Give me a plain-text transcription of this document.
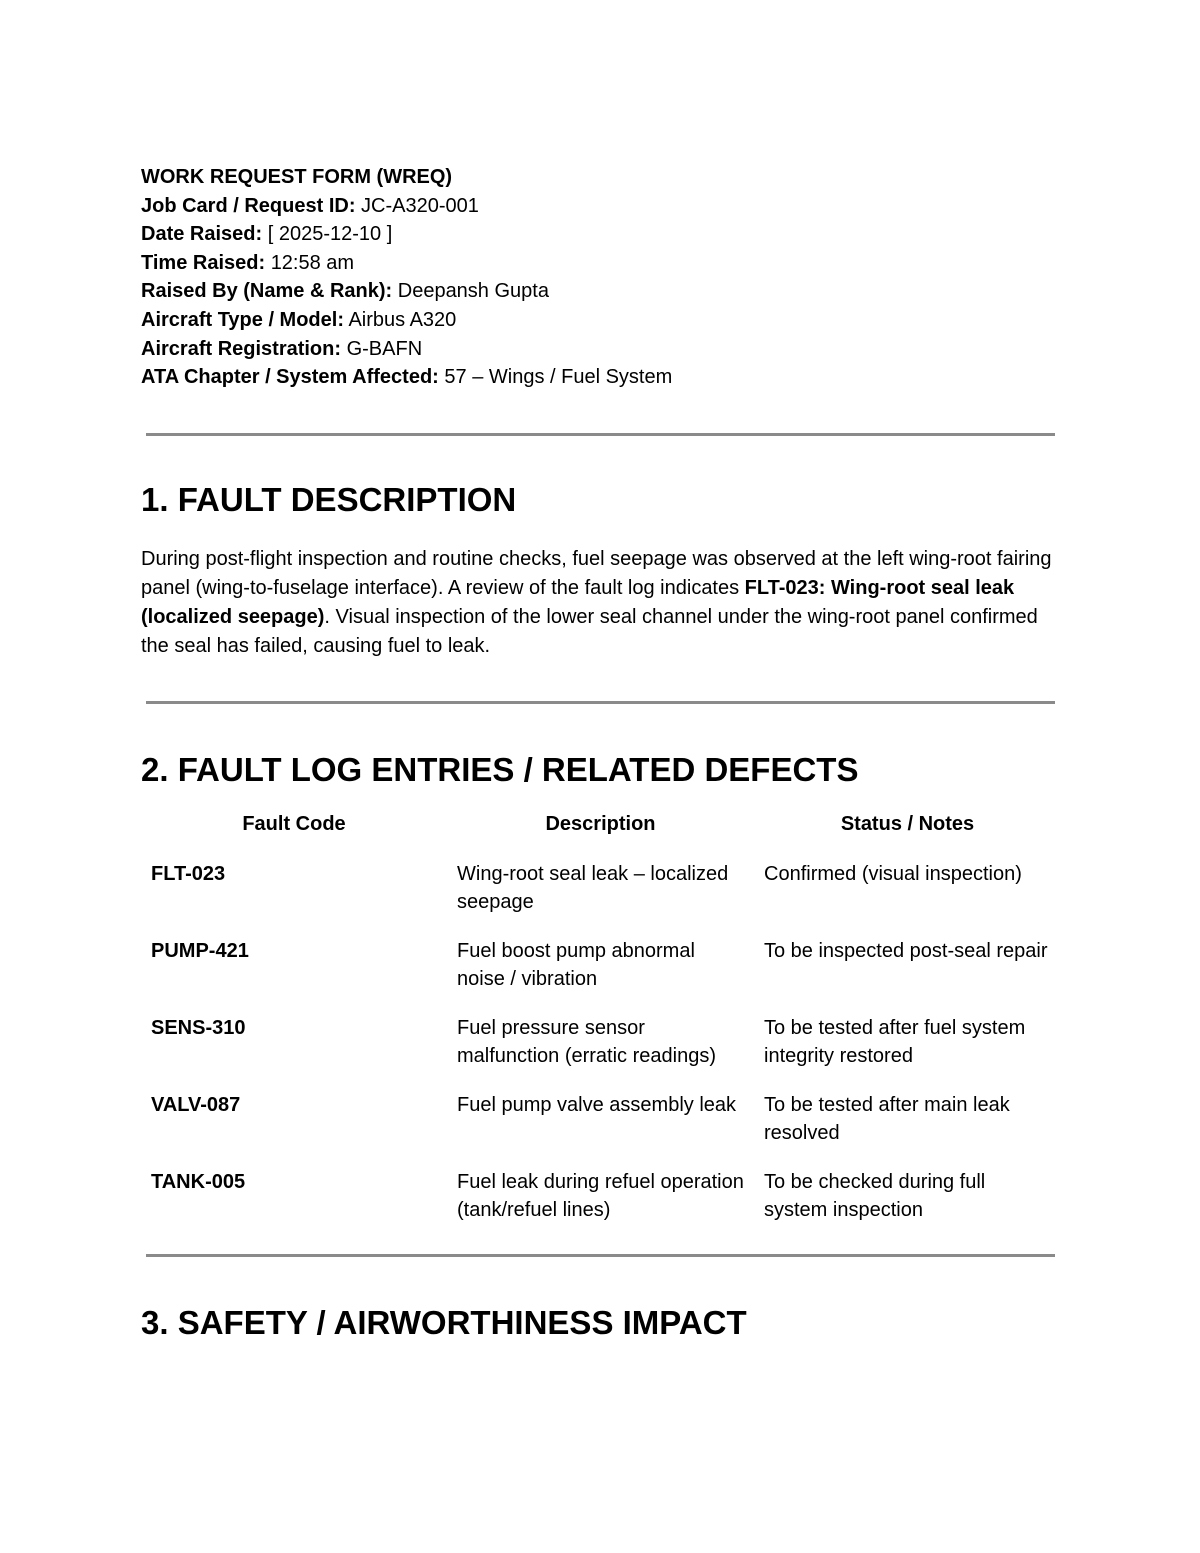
WORK REQUEST FORM (WREQ)
Job Card / Request ID: JC-A320-001
Date Raised: [ 2025-12-10 ]
Time Raised: 12:58 am
Raised By (Name & Rank): Deepansh Gupta
Aircraft Type / Model: Airbus A320
Aircraft Registration: G-BAFN
ATA Chapter / System Affected: 57 – Wings / Fuel System
1. FAULT DESCRIPTION
During post-flight inspection and routine checks, fuel seepage was observed at the left wing-root fairing panel (wing-to-fuselage interface). A review of the fault log indicates FLT-023: Wing-root seal leak (localized seepage). Visual inspection of the lower seal channel under the wing-root panel confirmed the seal has failed, causing fuel to leak.
2. FAULT LOG ENTRIES / RELATED DEFECTS
Fault Code	Description	Status / Notes
FLT-023	Wing-root seal leak – localized seepage	Confirmed (visual inspection)
PUMP-421	Fuel boost pump abnormal noise / vibration	To be inspected post-seal repair
SENS-310	Fuel pressure sensor malfunction (erratic readings)	To be tested after fuel system integrity restored
VALV-087	Fuel pump valve assembly leak	To be tested after main leak resolved
TANK-005	Fuel leak during refuel operation (tank/refuel lines)	To be checked during full system inspection
3. SAFETY / AIRWORTHINESS IMPACT
